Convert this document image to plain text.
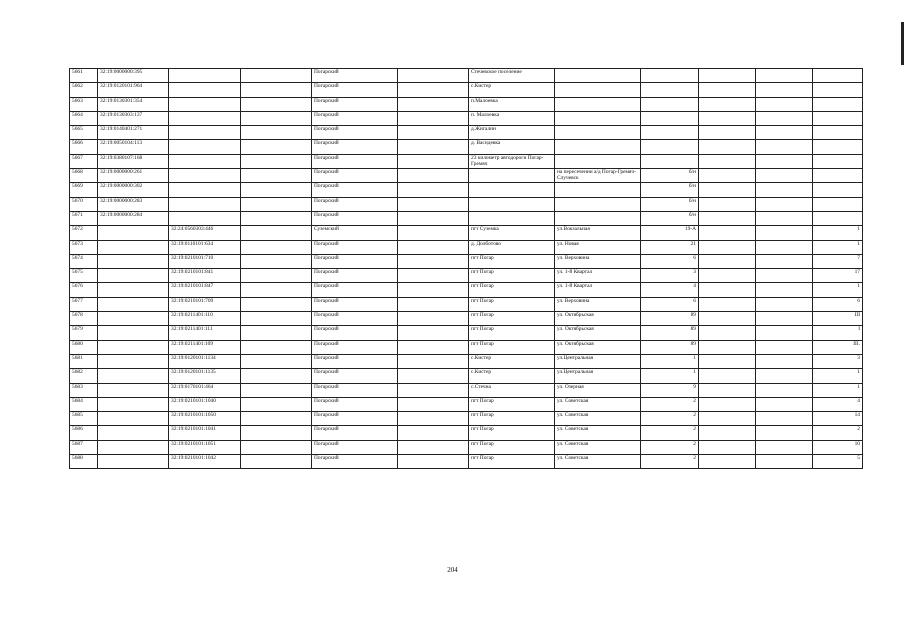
5661	32:19:0000000:395			Погарский		Стечевское поселение					
5662	32:19:0120101:964			Погарский		с.Кистер					
5663	32:19:0130301:354			Погарский		п.Малоевка					
5664	32:19:0130303:137			Погарский		п. Малоевка					
5665	32:19:0140401:271			Погарский		д.Жигалин					
5666	32:19:0050104:113			Погарский		д. Васидевка					
5667	32:19:0380107:168			Погарский		23 километр автодороги Погар-Гремяч					
5668	32:19:0000000:261			Погарский			на пересечении а/д Погар-Гремяч-Случевск	б/н			
5669	32:19:0000000:302			Погарский				б/н			
5670	32:19:0000000:283			Погарский				б/н			
5671	32:19:0000000:284			Погарский				б/н			
5672		32:24:0560303:446		Суземский		пгт Суземка	ул.Вокзальная	19-А			1
5673		32:19:0110101:634		Погарский		д. Долботово	ул. Новая	21			1
5674		32:19:0210101:710		Погарский		пгт Погар	ул. Верховина	6			7
5675		32:19:0210101:841		Погарский		пгт Погар	ул. 1-й Квартал	3			17
5676		32:19:0210101:847		Погарский		пгт Погар	ул. 1-й Квартал	4			1
5677		32:19:0210101:709		Погарский		пгт Погар	ул. Верховина	6			6
5678		32:19:0211401:110		Погарский		пгт Погар	ул. Октябрьская	89			III
5679		32:19:0211401:111		Погарский		пгт Погар	ул. Октябрьская	89			I
5680		32:19:0211401:109		Погарский		пгт Погар	ул. Октябрьская	89			III.
5681		32:19:0120101:1134		Погарский		с.Кистер	ул.Центральная	1			3
5682		32:19:0120101:1135		Погарский		с.Кистер	ул.Центральная	1			1
5683		32:19:0170101:464		Погарский		с.Стечна	ул. Озерная	9			1
5684		32:19:0210101:1040		Погарский		пгт Погар	ул. Советская	2			4
5685		32:19:0210101:1050		Погарский		пгт Погар	ул. Советская	2			14
5686		32:19:0210101:1041		Погарский		пгт Погар	ул. Советская	2			2
5687		32:19:0210101:1051		Погарский		пгт Погар	ул. Советская	2			10
5688		32:19:0210101:1042		Погарский		пгт Погар	ул. Советская	2			5
204
